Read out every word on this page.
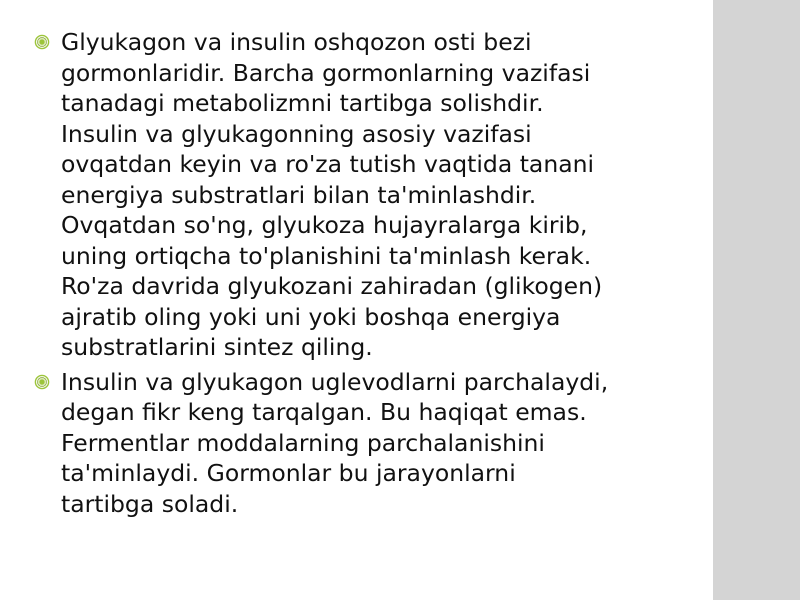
Glyukagon va insulin oshqozon osti bezi
gormonlaridir. Barcha gormonlarning vazifasi
tanadagi metabolizmni tartibga solishdir.
Insulin va glyukagonning asosiy vazifasi
ovqatdan keyin va ro'za tutish vaqtida tanani
energiya substratlari bilan ta'minlashdir.
Ovqatdan so'ng, glyukoza hujayralarga kirib,
uning ortiqcha to'planishini ta'minlash kerak.
Ro'za davrida glyukozani zahiradan (glikogen)
ajratib oling yoki uni yoki boshqa energiya
substratlarini sintez qiling.
Insulin va glyukagon uglevodlarni parchalaydi,
degan fikr keng tarqalgan. Bu haqiqat emas.
Fermentlar moddalarning parchalanishini
ta'minlaydi. Gormonlar bu jarayonlarni
tartibga soladi.
